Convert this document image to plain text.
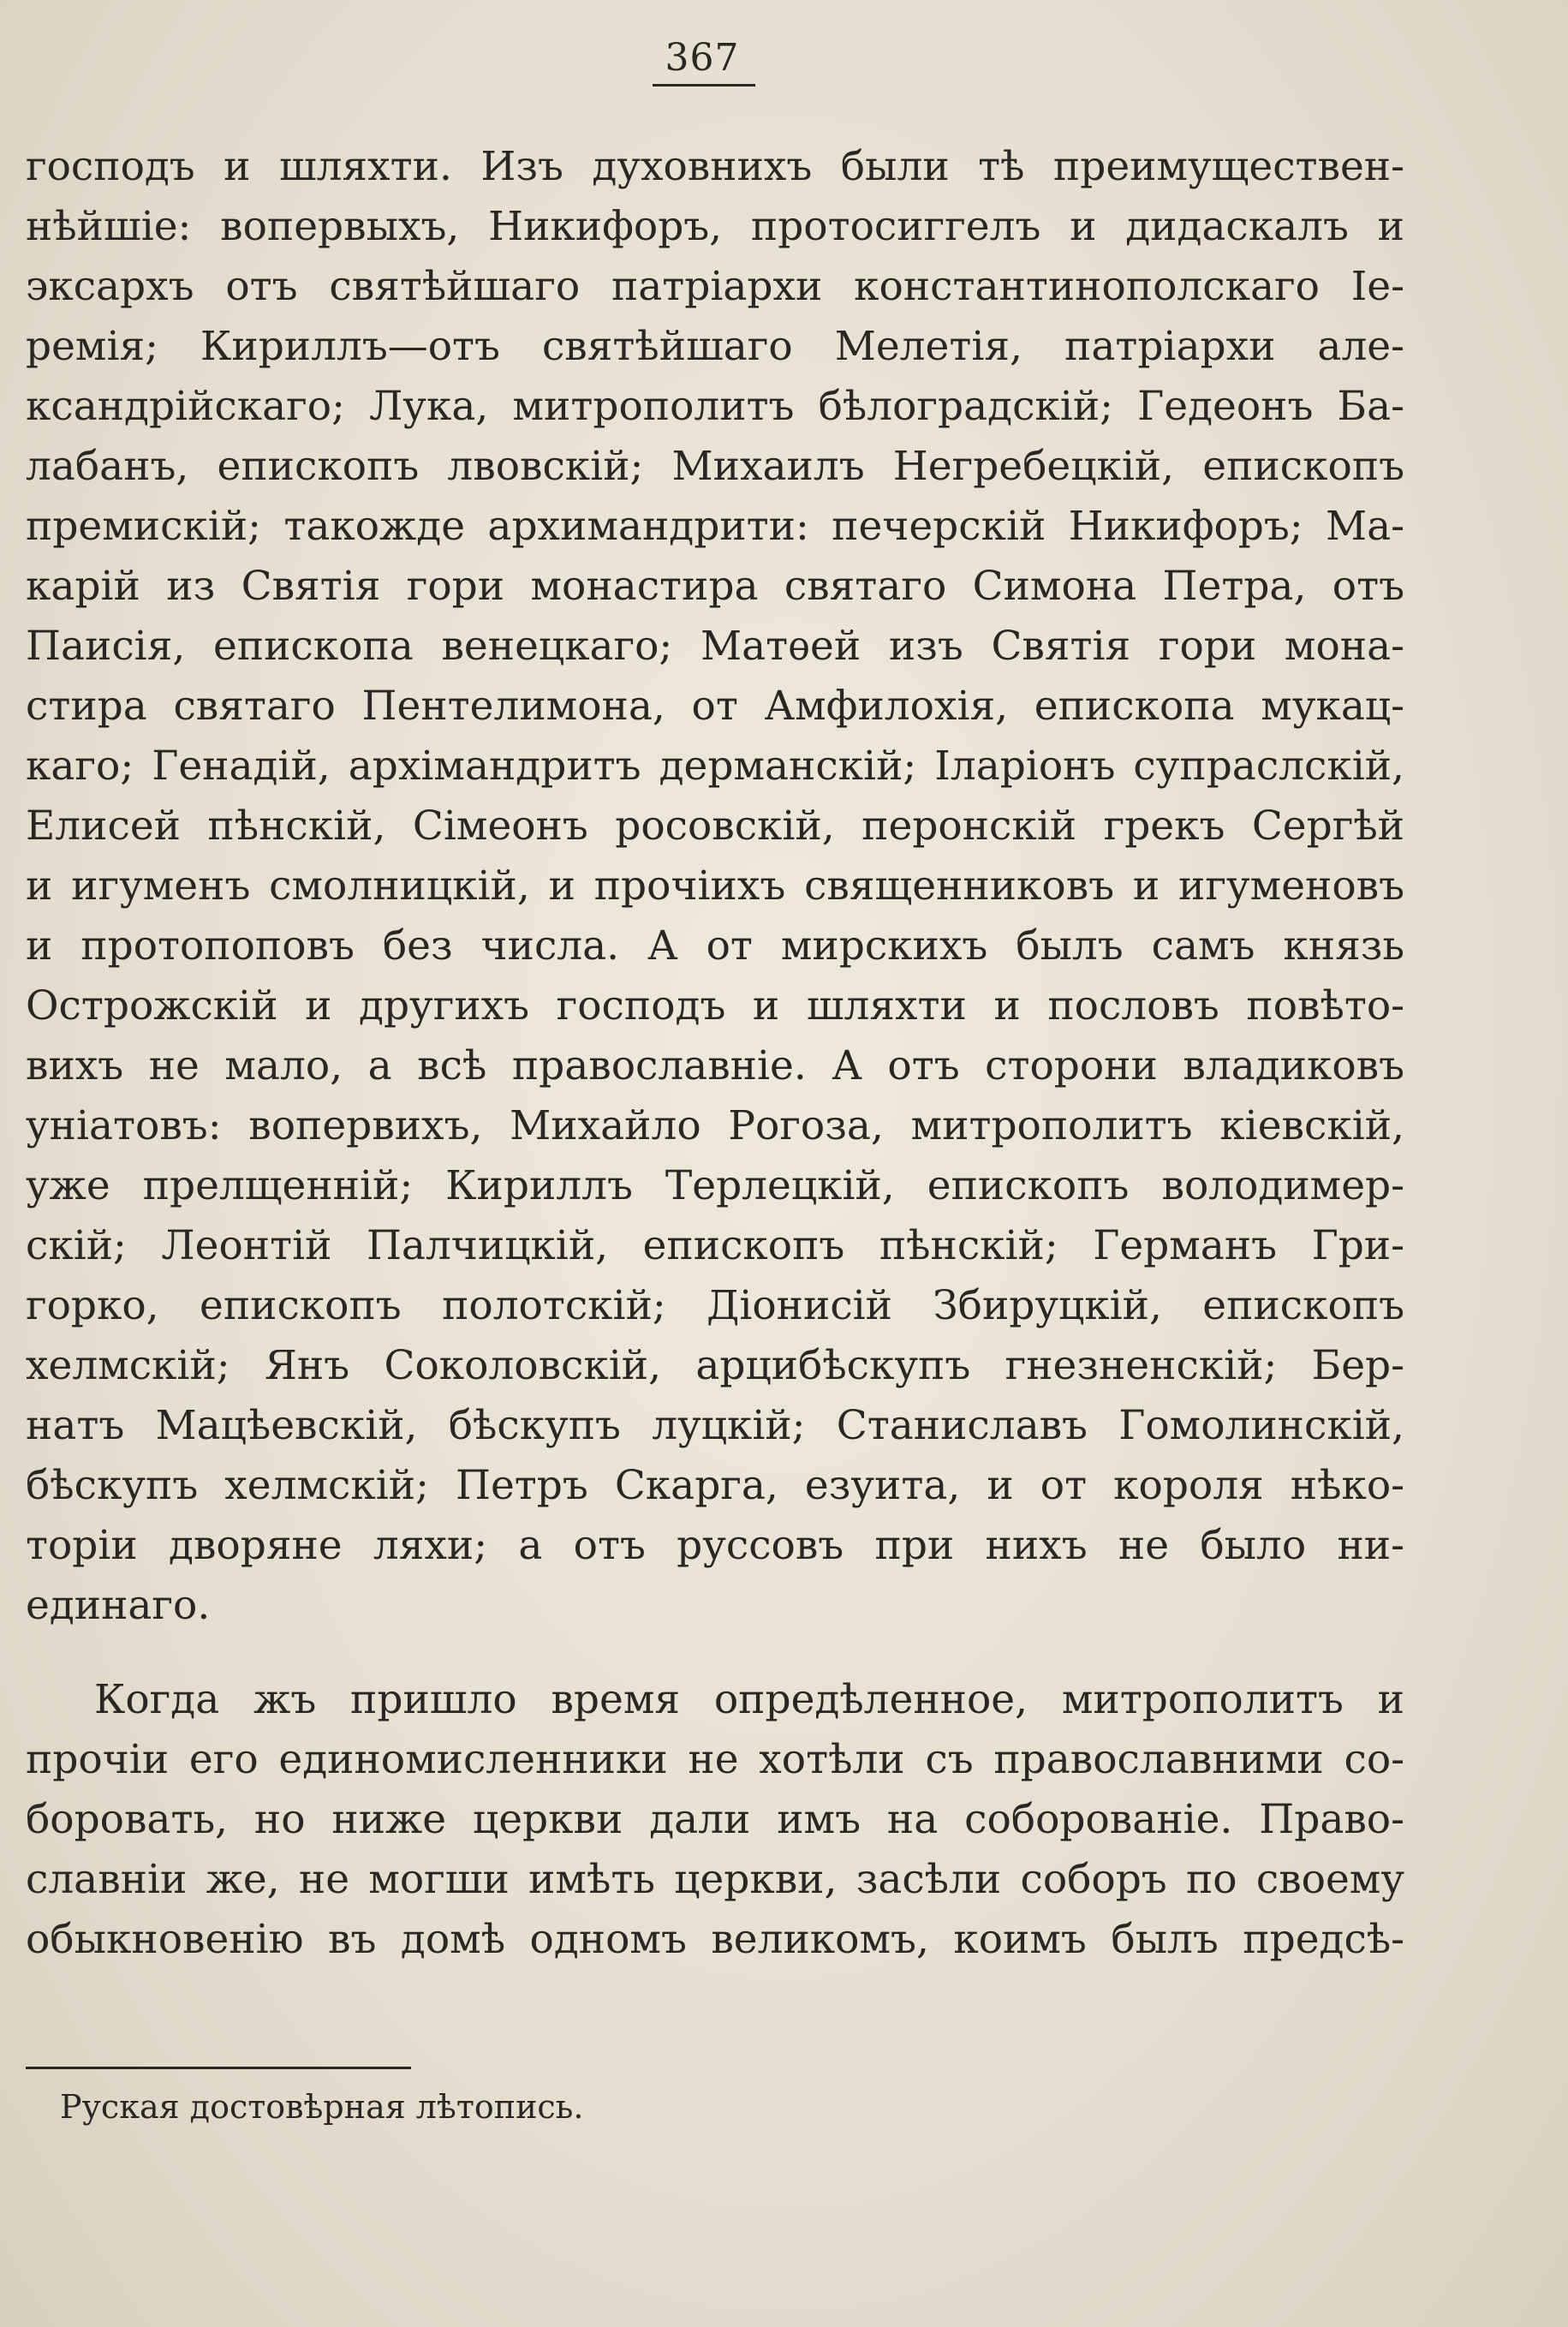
367
господъ и шляхти. Изъ духовнихъ были тѣ преимуществен-
нѣйшіе: вопервыхъ, Никифоръ, протосиггелъ и дидаскалъ и
эксархъ отъ святѣйшаго патріархи константинополскаго Іе-
ремія; Кириллъ—отъ святѣйшаго Мелетія, патріархи але-
ксандрійскаго; Лука, митрополитъ бѣлоградскій; Гедеонъ Ба-
лабанъ, епископъ лвовскій; Михаилъ Негребецкій, епископъ
премискій; такожде архимандрити: печерскій Никифоръ; Ма-
карій из Святія гори монастира святаго Симона Петра, отъ
Паисія, епископа венецкаго; Матѳей изъ Святія гори мона-
стира святаго Пентелимона, от Амфилохія, епископа мукац-
каго; Генадій, архімандритъ дерманскій; Іларіонъ супраслскій,
Елисей пѣнскій, Сімеонъ росовскій, перонскій грекъ Сергѣй
и игуменъ смолницкій, и прочіихъ священниковъ и игуменовъ
и протопоповъ без числа. А от мирскихъ былъ самъ князь
Острожскій и другихъ господъ и шляхти и пословъ повѣто-
вихъ не мало, а всѣ православніе. А отъ сторони владиковъ
уніатовъ: вопервихъ, Михайло Рогоза, митрополитъ кіевскій,
уже прелщенній; Кириллъ Терлецкій, епископъ володимер-
скій; Леонтій Палчицкій, епископъ пѣнскій; Германъ Гри-
горко, епископъ полотскій; Діонисій Збируцкій, епископъ
хелмскій; Янъ Соколовскій, арцибѣскупъ гнезненскій; Бер-
натъ Мацѣевскій, бѣскупъ луцкій; Станиславъ Гомолинскій,
бѣскупъ хелмскій; Петръ Скарга, езуита, и от короля нѣко-
торіи дворяне ляхи; а отъ руссовъ при нихъ не было ни-
единаго.
Когда жъ пришло время опредѣленное, митрополитъ и
прочіи его единомисленники не хотѣли съ православними со-
боровать, но ниже церкви дали имъ на соборованіе. Право-
славніи же, не могши имѣть церкви, засѣли соборъ по своему
обыкновенію въ домѣ одномъ великомъ, коимъ былъ предсѣ-
Руская достовѣрная лѣтопись.
